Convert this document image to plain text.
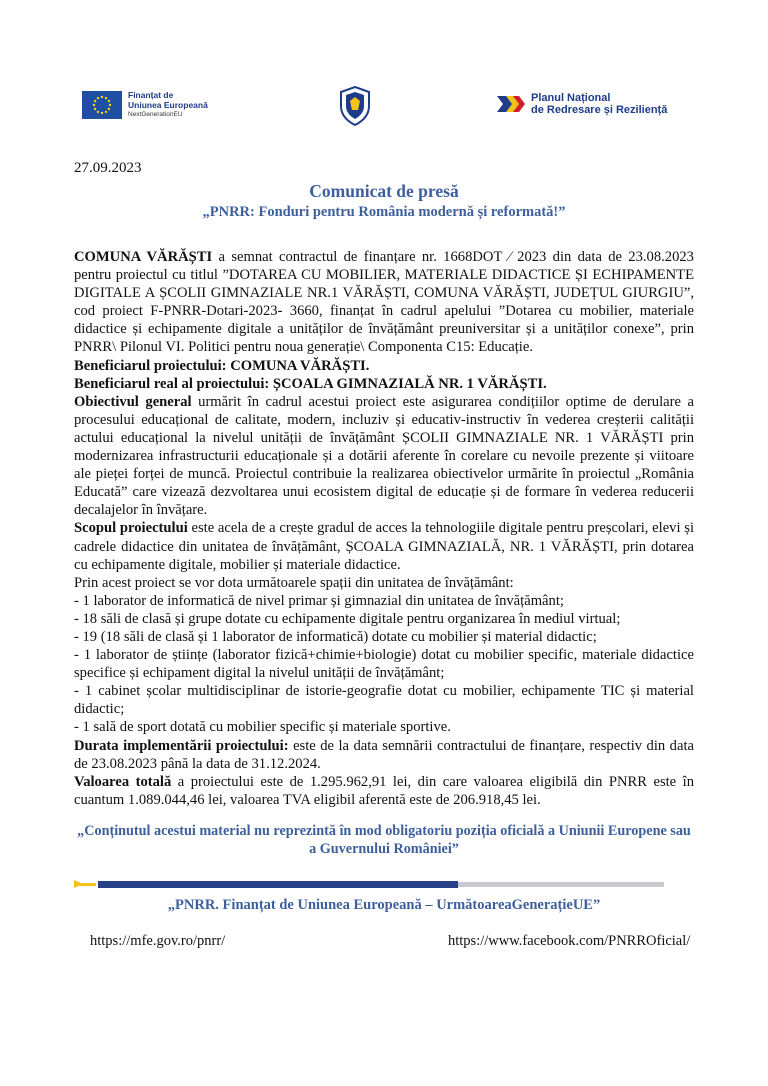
Finanțat de
Uniunea Europeană
NextGenerationEU
Planul Național
de Redresare și Reziliență
27.09.2023
Comunicat de presă
„PNRR: Fonduri pentru România modernă și reformată!”

COMUNA VĂRĂȘTI a semnat contractul de finanțare nr. 1668DOT ⁄ 2023 din data de 23.08.2023 pentru proiectul cu titlul ”DOTAREA CU MOBILIER, MATERIALE DIDACTICE ȘI ECHIPAMENTE DIGITALE A ȘCOLII GIMNAZIALE NR.1 VĂRĂȘTI, COMUNA VĂRĂȘTI, JUDEȚUL GIURGIU”, cod proiect F-PNRR-Dotari-2023- 3660, finanțat în cadrul apelului ”Dotarea cu mobilier, materiale didactice și echipamente digitale a unităților de învățământ preuniversitar și a unităților conexe”, prin PNRR\ Pilonul VI. Politici pentru noua generație\ Componenta C15: Educație.

Beneficiarul proiectului: COMUNA VĂRĂȘTI.

Beneficiarul real al proiectului: ȘCOALA GIMNAZIALĂ NR. 1 VĂRĂȘTI.

Obiectivul general urmărit în cadrul acestui proiect este asigurarea condițiilor optime de derulare a procesului educațional de calitate, modern, incluziv și educativ-instructiv în vederea creșterii calității actului educațional la nivelul unității de învățământ ȘCOLII GIMNAZIALE NR. 1 VĂRĂȘTI prin modernizarea infrastructurii educaționale și a dotării aferente în corelare cu nevoile prezente și viitoare ale pieței forței de muncă. Proiectul contribuie la realizarea obiectivelor urmărite în proiectul „România Educată” care vizează dezvoltarea unui ecosistem digital de educație și de formare în vederea reducerii decalajelor în învățare.

Scopul proiectului este acela de a crește gradul de acces la tehnologiile digitale pentru preșcolari, elevi și cadrele didactice din unitatea de învățământ, ȘCOALA GIMNAZIALĂ, NR. 1 VĂRĂȘTI, prin dotarea cu echipamente digitale, mobilier și materiale didactice.

Prin acest proiect se vor dota următoarele spații din unitatea de învățământ:

- 1 laborator de informatică de nivel primar și gimnazial din unitatea de învățământ;

- 18 săli de clasă și grupe dotate cu echipamente digitale pentru organizarea în mediul virtual;

- 19 (18 săli de clasă și 1 laborator de informatică) dotate cu mobilier și material didactic;

- 1 laborator de științe (laborator fizică+chimie+biologie) dotat cu mobilier specific, materiale didactice specifice și echipament digital la nivelul unității de învățământ;

- 1 cabinet școlar multidisciplinar de istorie-geografie dotat cu mobilier, echipamente TIC și material didactic;

- 1 sală de sport dotată cu mobilier specific și materiale sportive.

Durata implementării proiectului: este de la data semnării contractului de finanțare, respectiv din data de 23.08.2023 până la data de 31.12.2024.

Valoarea totală a proiectului este de 1.295.962,91 lei, din care valoarea eligibilă din PNRR este în cuantum 1.089.044,46 lei, valoarea TVA eligibil aferentă este de 206.918,45 lei.

„Conținutul acestui material nu reprezintă în mod obligatoriu poziția oficială a Uniunii Europene sau a Guvernului României”
„PNRR. Finanțat de Uniunea Europeană – UrmătoareaGenerațieUE”
https://mfe.gov.ro/pnrr/	https://www.facebook.com/PNRROficial/
